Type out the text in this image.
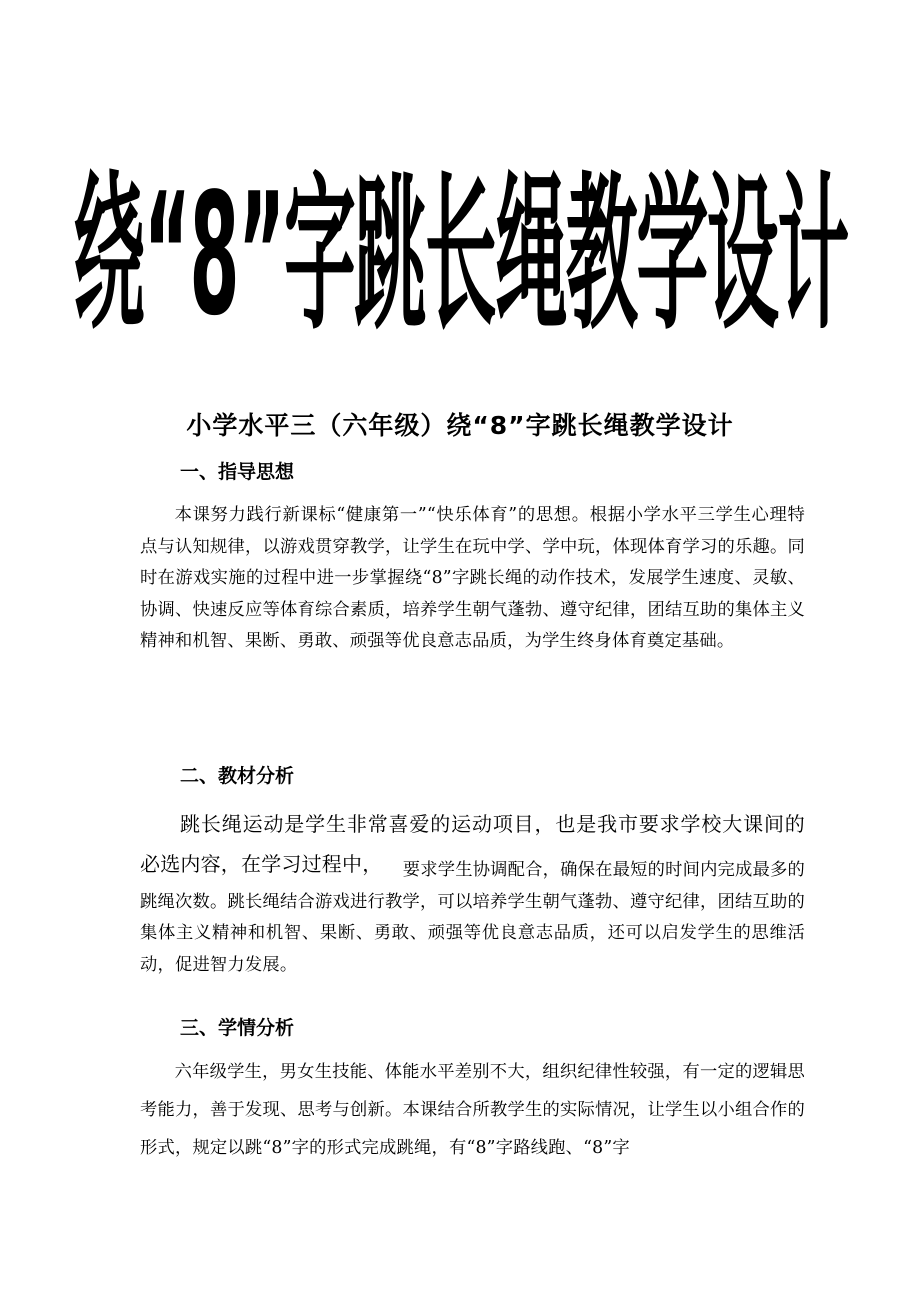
绕“8”字跳长绳教学设计
小学水平三（六年级）绕“8”字跳长绳教学设计
一、指导思想
本课努力践行新课标“健康第一”“快乐体育”的思想。根据小学水平三学生心理特点与认知规律，以游戏贯穿教学，让学生在玩中学、学中玩，体现体育学习的乐趣。同时在游戏实施的过程中进一步掌握绕“8”字跳长绳的动作技术，发展学生速度、灵敏、协调、快速反应等体育综合素质，培养学生朝气蓬勃、遵守纪律，团结互助的集体主义精神和机智、果断、勇敢、顽强等优良意志品质，为学生终身体育奠定基础。
二、教材分析
跳长绳运动是学生非常喜爱的运动项目，也是我市要求学校大课间的必选内容，在学习过程中，	要求学生协调配合，确保在最短的时间内完成最多的跳绳次数。跳长绳结合游戏进行教学，可以培养学生朝气蓬勃、遵守纪律，团结互助的集体主义精神和机智、果断、勇敢、顽强等优良意志品质，还可以启发学生的思维活动，促进智力发展。
三、学情分析
六年级学生，男女生技能、体能水平差别不大，组织纪律性较强，有一定的逻辑思考能力，善于发现、思考与创新。本课结合所教学生的实际情况，让学生以小组合作的形式，规定以跳“8”字的形式完成跳绳，有“8”字路线跑、“8”字
